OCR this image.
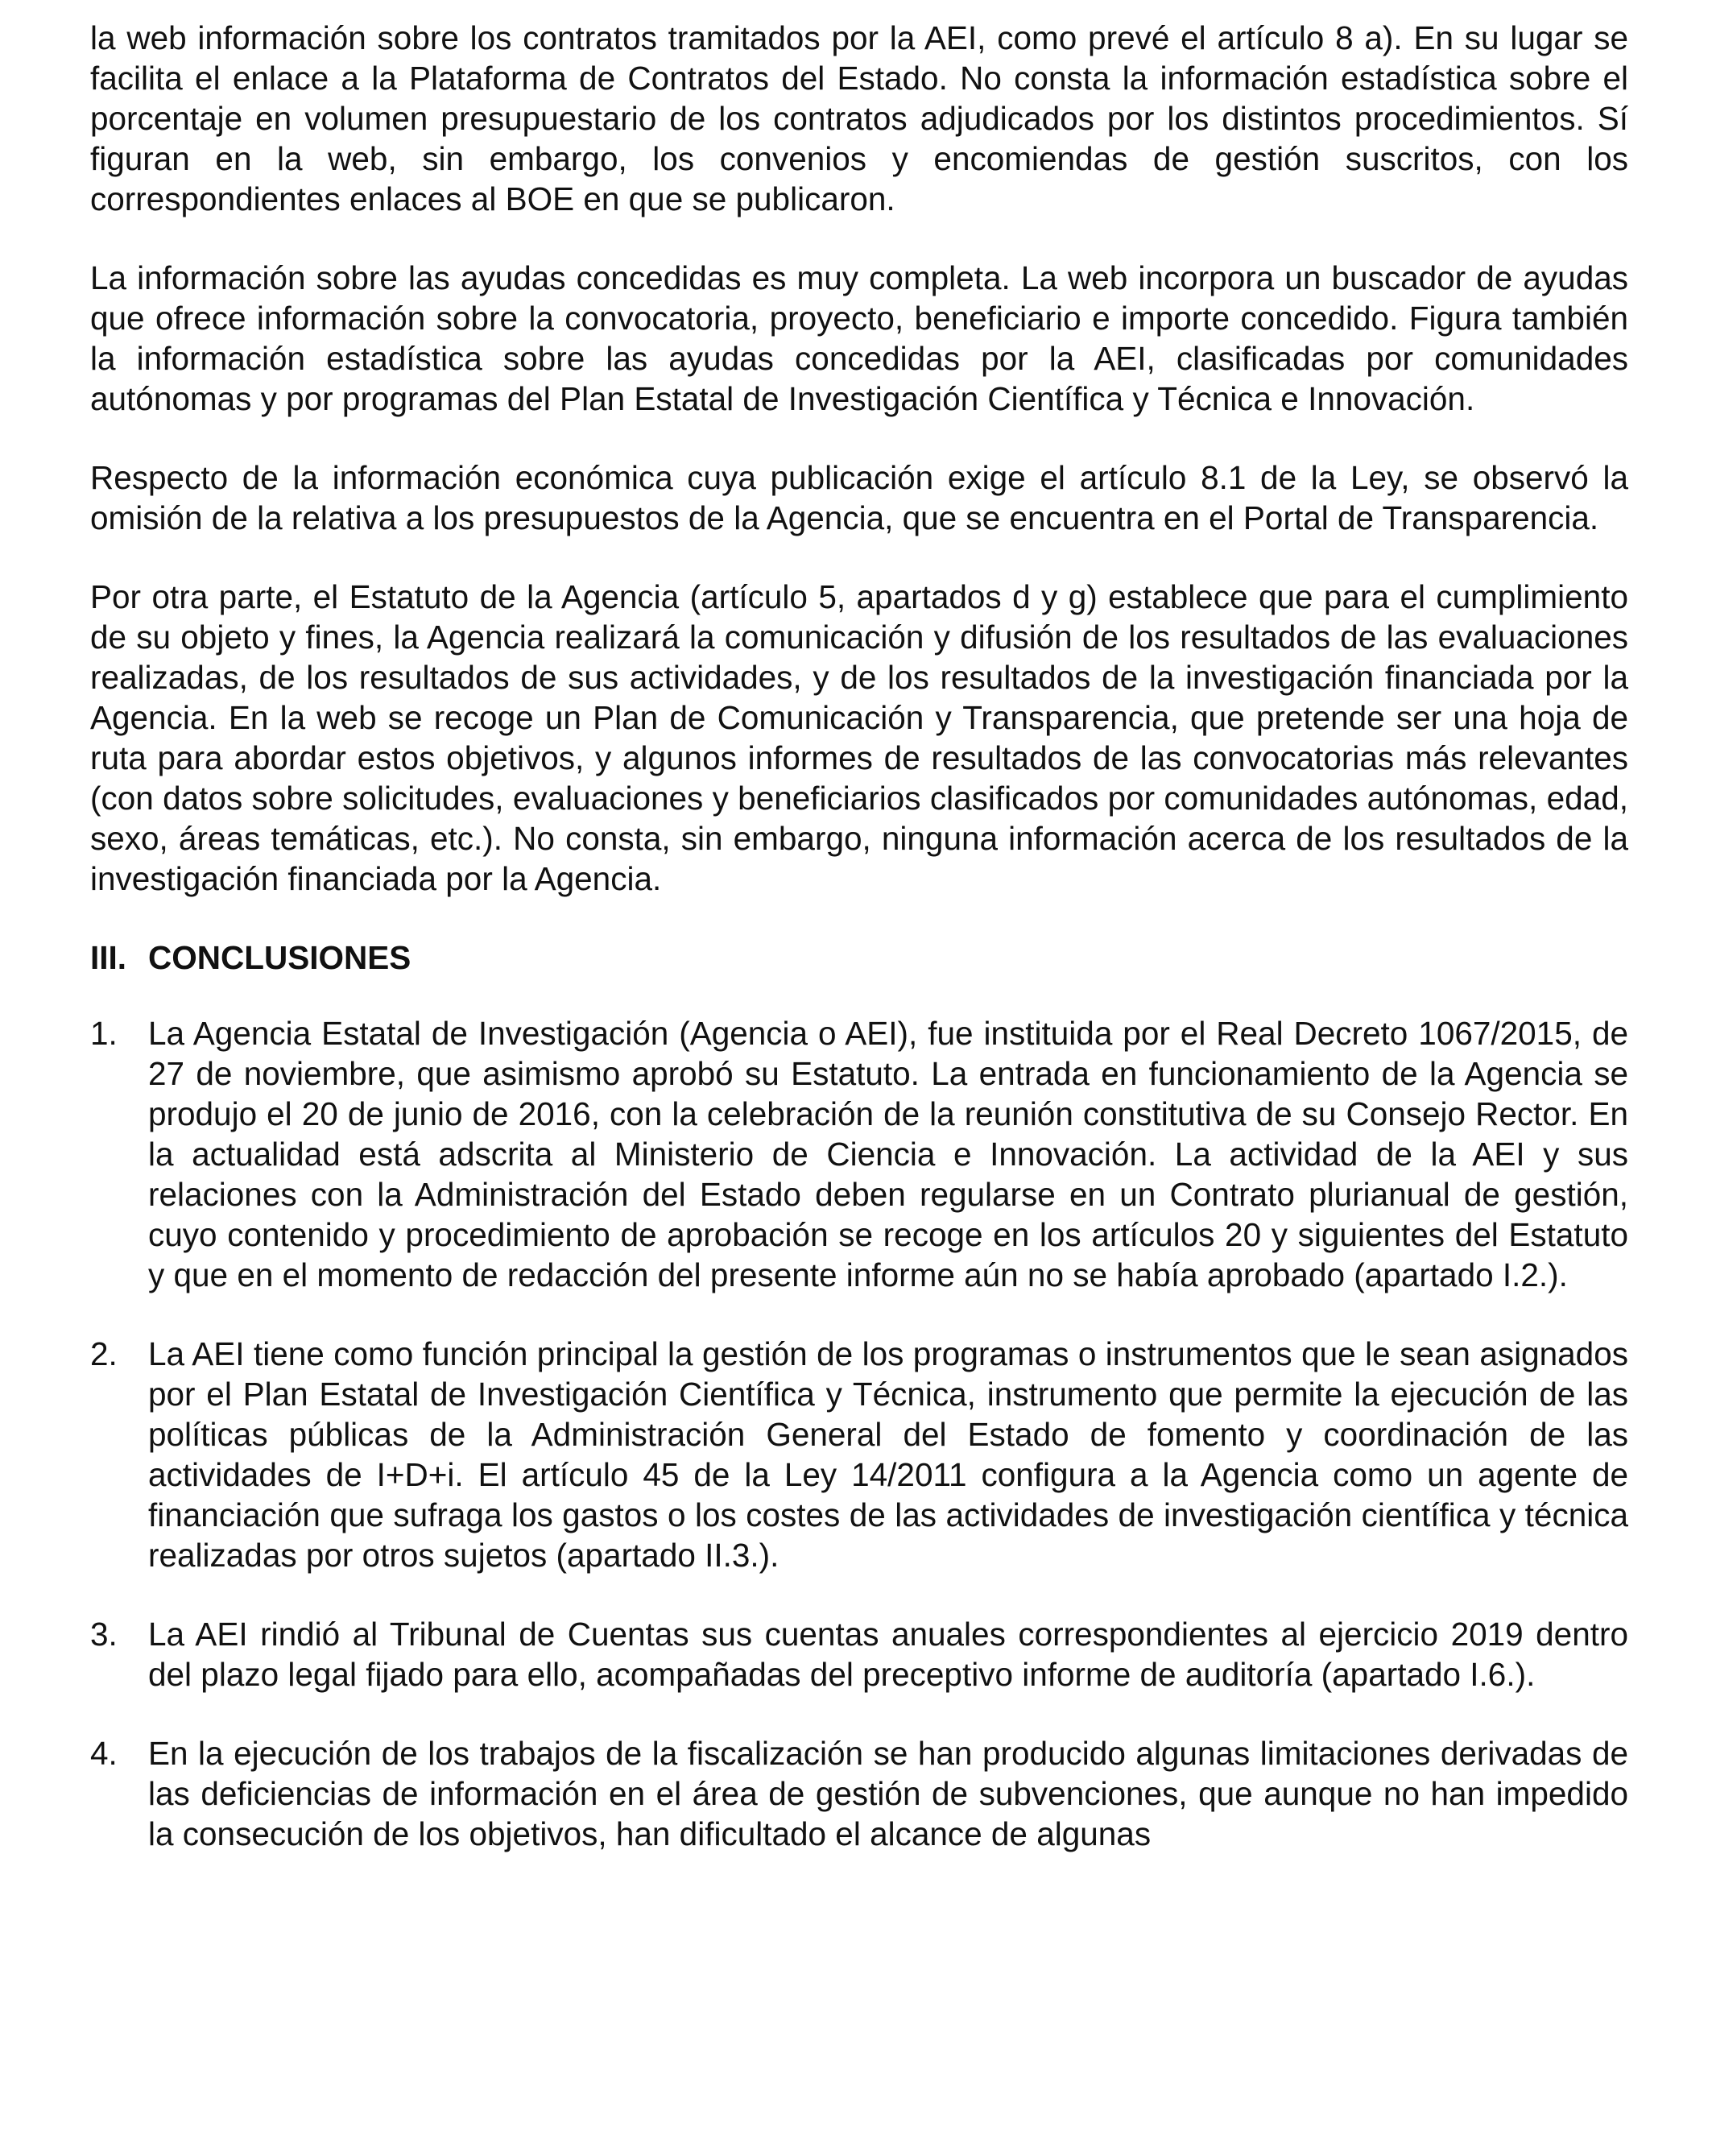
la web información sobre los contratos tramitados por la AEI, como prevé el artículo 8 a). En su lugar se facilita el enlace a la Plataforma de Contratos del Estado. No consta la información estadística sobre el porcentaje en volumen presupuestario de los contratos adjudicados por los distintos procedimientos. Sí figuran en la web, sin embargo, los convenios y encomiendas de gestión suscritos, con los correspondientes enlaces al BOE en que se publicaron.

La información sobre las ayudas concedidas es muy completa. La web incorpora un buscador de ayudas que ofrece información sobre la convocatoria, proyecto, beneficiario e importe concedido. Figura también la información estadística sobre las ayudas concedidas por la AEI, clasificadas por comunidades autónomas y por programas del Plan Estatal de Investigación Científica y Técnica e Innovación.

Respecto de la información económica cuya publicación exige el artículo 8.1 de la Ley, se observó la omisión de la relativa a los presupuestos de la Agencia, que se encuentra en el Portal de Transparencia.

Por otra parte, el Estatuto de la Agencia (artículo 5, apartados d y g) establece que para el cumplimiento de su objeto y fines, la Agencia realizará la comunicación y difusión de los resultados de las evaluaciones realizadas, de los resultados de sus actividades, y de los resultados de la investigación financiada por la Agencia. En la web se recoge un Plan de Comunicación y Transparencia, que pretende ser una hoja de ruta para abordar estos objetivos, y algunos informes de resultados de las convocatorias más relevantes (con datos sobre solicitudes, evaluaciones y beneficiarios clasificados por comunidades autónomas, edad, sexo, áreas temáticas, etc.). No consta, sin embargo, ninguna información acerca de los resultados de la investigación financiada por la Agencia.

III. CONCLUSIONES
1. La Agencia Estatal de Investigación (Agencia o AEI), fue instituida por el Real Decreto 1067/2015, de 27 de noviembre, que asimismo aprobó su Estatuto. La entrada en funcionamiento de la Agencia se produjo el 20 de junio de 2016, con la celebración de la reunión constitutiva de su Consejo Rector. En la actualidad está adscrita al Ministerio de Ciencia e Innovación. La actividad de la AEI y sus relaciones con la Administración del Estado deben regularse en un Contrato plurianual de gestión, cuyo contenido y procedimiento de aprobación se recoge en los artículos 20 y siguientes del Estatuto y que en el momento de redacción del presente informe aún no se había aprobado (apartado I.2.).
2. La AEI tiene como función principal la gestión de los programas o instrumentos que le sean asignados por el Plan Estatal de Investigación Científica y Técnica, instrumento que permite la ejecución de las políticas públicas de la Administración General del Estado de fomento y coordinación de las actividades de I+D+i. El artículo 45 de la Ley 14/2011 configura a la Agencia como un agente de financiación que sufraga los gastos o los costes de las actividades de investigación científica y técnica realizadas por otros sujetos (apartado II.3.).
3. La AEI rindió al Tribunal de Cuentas sus cuentas anuales correspondientes al ejercicio 2019 dentro del plazo legal fijado para ello, acompañadas del preceptivo informe de auditoría (apartado I.6.).
4. En la ejecución de los trabajos de la fiscalización se han producido algunas limitaciones derivadas de las deficiencias de información en el área de gestión de subvenciones, que aunque no han impedido la consecución de los objetivos, han dificultado el alcance de algunas
